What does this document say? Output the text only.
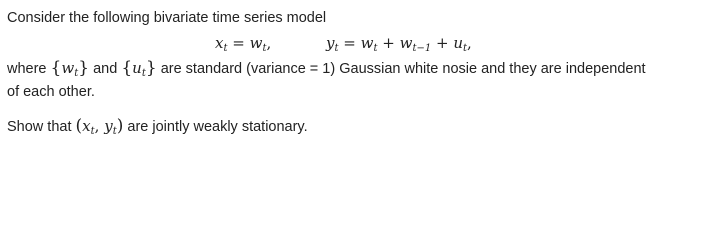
Consider the following bivariate time series model
$x_t = w_t$,	$y_t = w_t + w_{t-1} + u_t$,
where $\{w_t\}$ and $\{u_t\}$ are standard (variance = 1) Gaussian white nosie and they are independent
of each other.
Show that ($x_t$, $y_t$) are jointly weakly stationary.
